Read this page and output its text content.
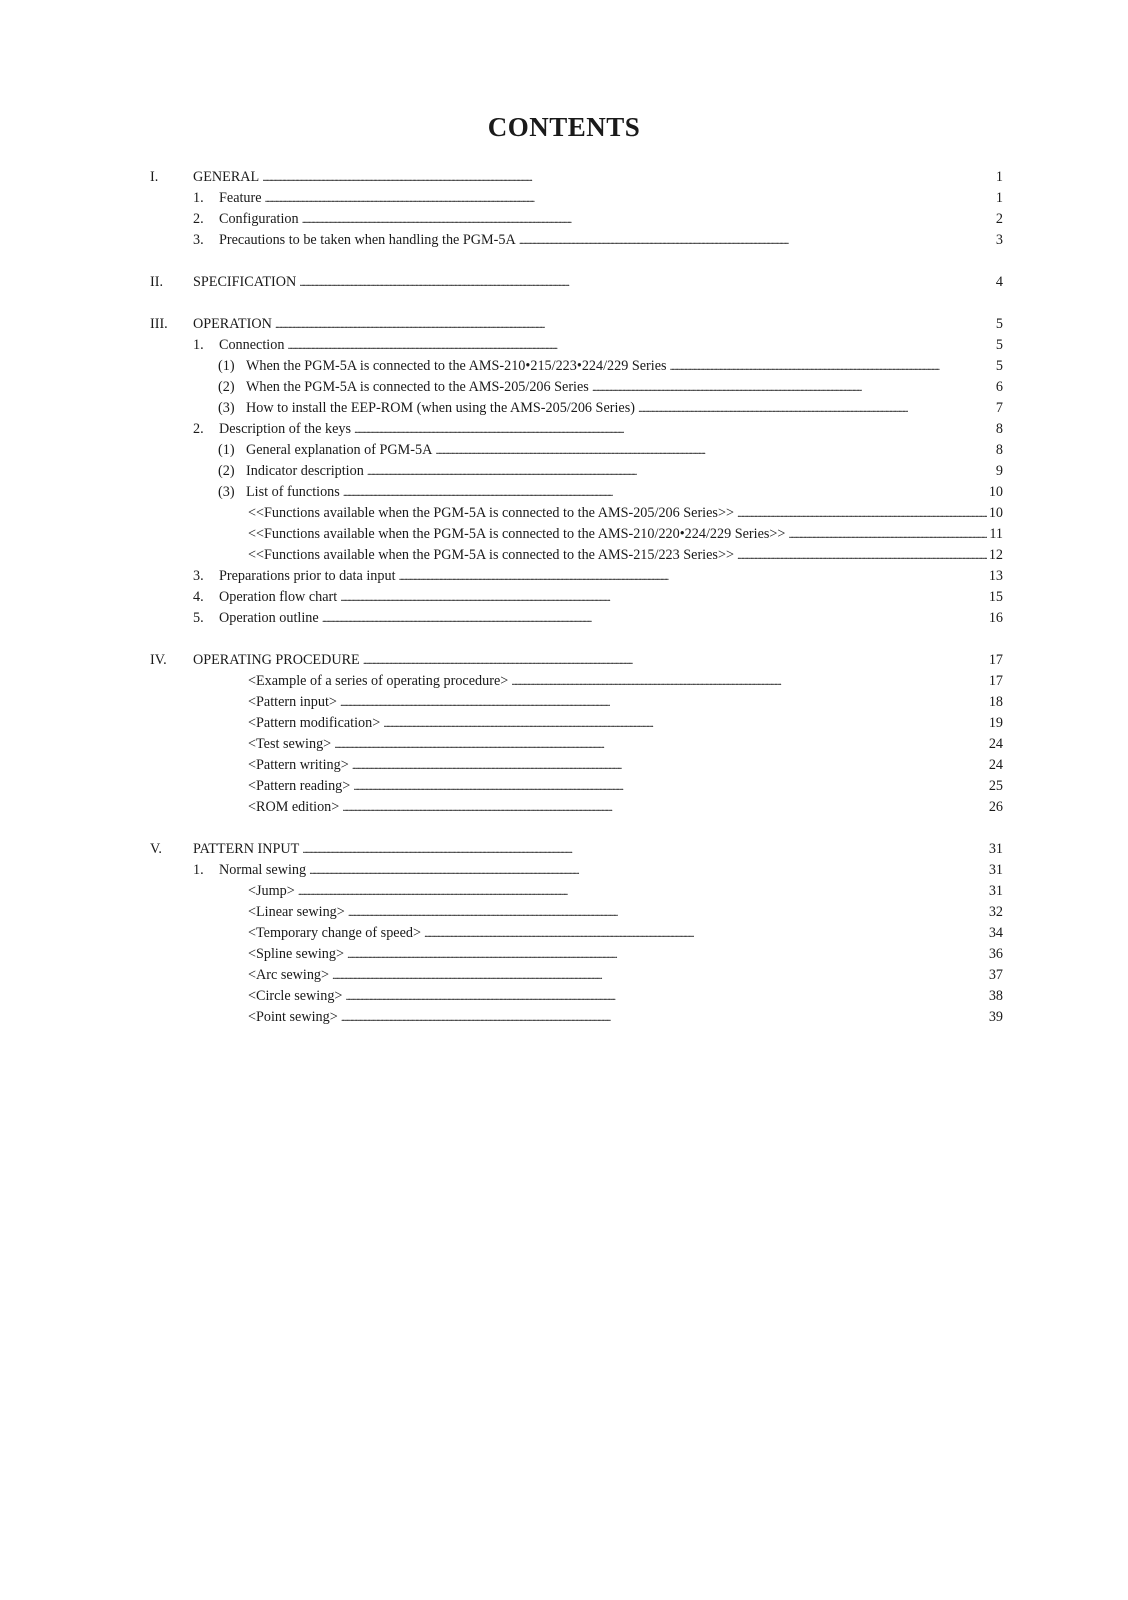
CONTENTS
I. GENERAL . . .	1
1.	Feature . . .	1
2.	Configuration . . .	2
3.	Precautions to be taken when handling the PGM-5A . . .	3
II. SPECIFICATION . . .	4
III. OPERATION . . .	5
1.	Connection . . .	5
(1) When the PGM-5A is connected to the AMS-210•215/223•224/229 Series . . .	5
(2) When the PGM-5A is connected to the AMS-205/206 Series . . .	6
(3) How to install the EEP-ROM (when using the AMS-205/206 Series) . . .	7
2.	Description of the keys . . .	8
(1) General explanation of PGM-5A . . .	8
(2) Indicator description . . .	9
(3) List of functions . . .	10
<<Functions available when the PGM-5A is connected to the AMS-205/206 Series>> . . .	10
<<Functions available when the PGM-5A is connected to the AMS-210/220•224/229 Series>> . . .	11
<<Functions available when the PGM-5A is connected to the AMS-215/223 Series>> . . .	12
3.	Preparations prior to data input . . .	13
4.	Operation flow chart . . .	15
5.	Operation outline . . .	16
IV. OPERATING PROCEDURE . . .	17
<Example of a series of operating procedure> . . .	17
<Pattern input> . . .	18
<Pattern modification> . . .	19
<Test sewing> . . .	24
<Pattern writing> . . .	24
<Pattern reading> . . .	25
<ROM edition> . . .	26
V. PATTERN INPUT . . .	31
1.	Normal sewing . . .	31
<Jump> . . .	31
<Linear sewing> . . .	32
<Temporary change of speed> . . .	34
<Spline sewing> . . .	36
<Arc sewing> . . .	37
<Circle sewing> . . .	38
<Point sewing> . . .	39
